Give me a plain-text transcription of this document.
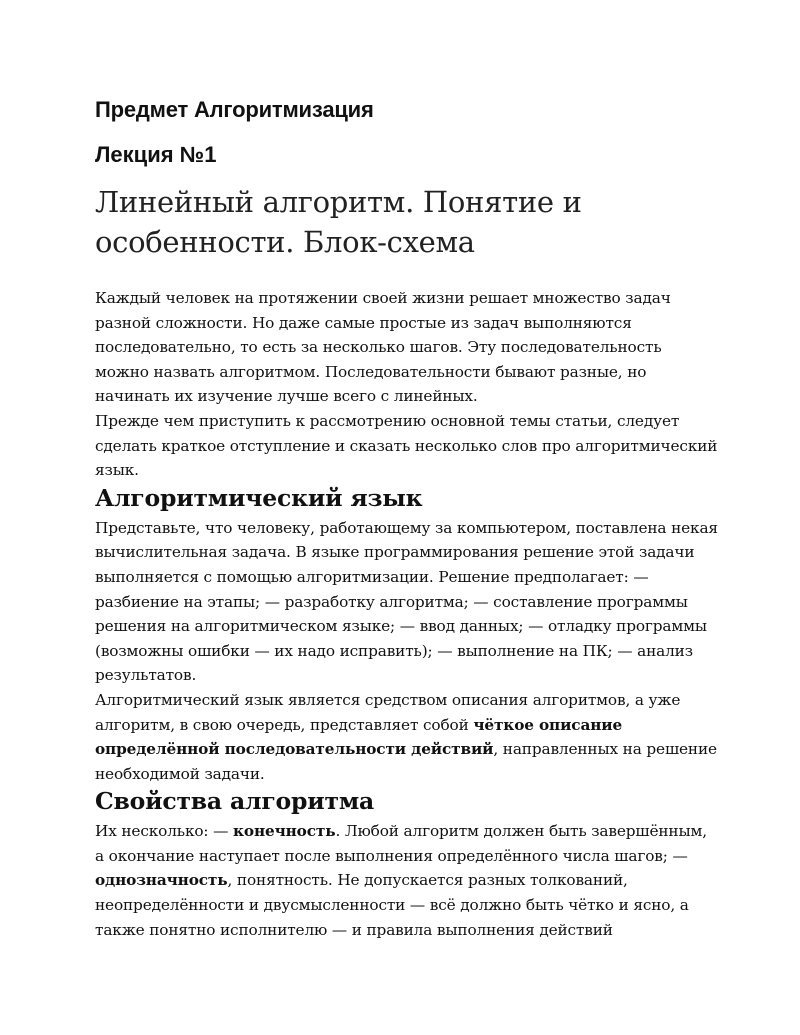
Предмет Алгоритмизация
Лекция №1
Линейный алгоритм. Понятие и особенности. Блок-схема

Каждый человек на протяжении своей жизни решает множество задач разной сложности. Но даже самые простые из задач выполняются последовательно, то есть за несколько шагов. Эту последовательность можно назвать алгоритмом. Последовательности бывают разные, но начинать их изучение лучше всего с линейных.

Прежде чем приступить к рассмотрению основной темы статьи, следует сделать краткое отступление и сказать несколько слов про алгоритмический язык.

Алгоритмический язык

Представьте, что человеку, работающему за компьютером, поставлена некая вычислительная задача. В языке программирования решение этой задачи выполняется с помощью алгоритмизации. Решение предполагает: — разбиение на этапы; — разработку алгоритма; — составление программы решения на алгоритмическом языке; — ввод данных; — отладку программы (возможны ошибки — их надо исправить); — выполнение на ПК; — анализ результатов.

Алгоритмический язык является средством описания алгоритмов, а уже алгоритм, в свою очередь, представляет собой чёткое описание определённой последовательности действий, направленных на решение необходимой задачи.

Свойства алгоритма

Их несколько: — конечность. Любой алгоритм должен быть завершённым, а окончание наступает после выполнения определённого числа шагов; — однозначность, понятность. Не допускается разных толкований, неопределённости и двусмысленности — всё должно быть чётко и ясно, а также понятно исполнителю — и правила выполнения действий
